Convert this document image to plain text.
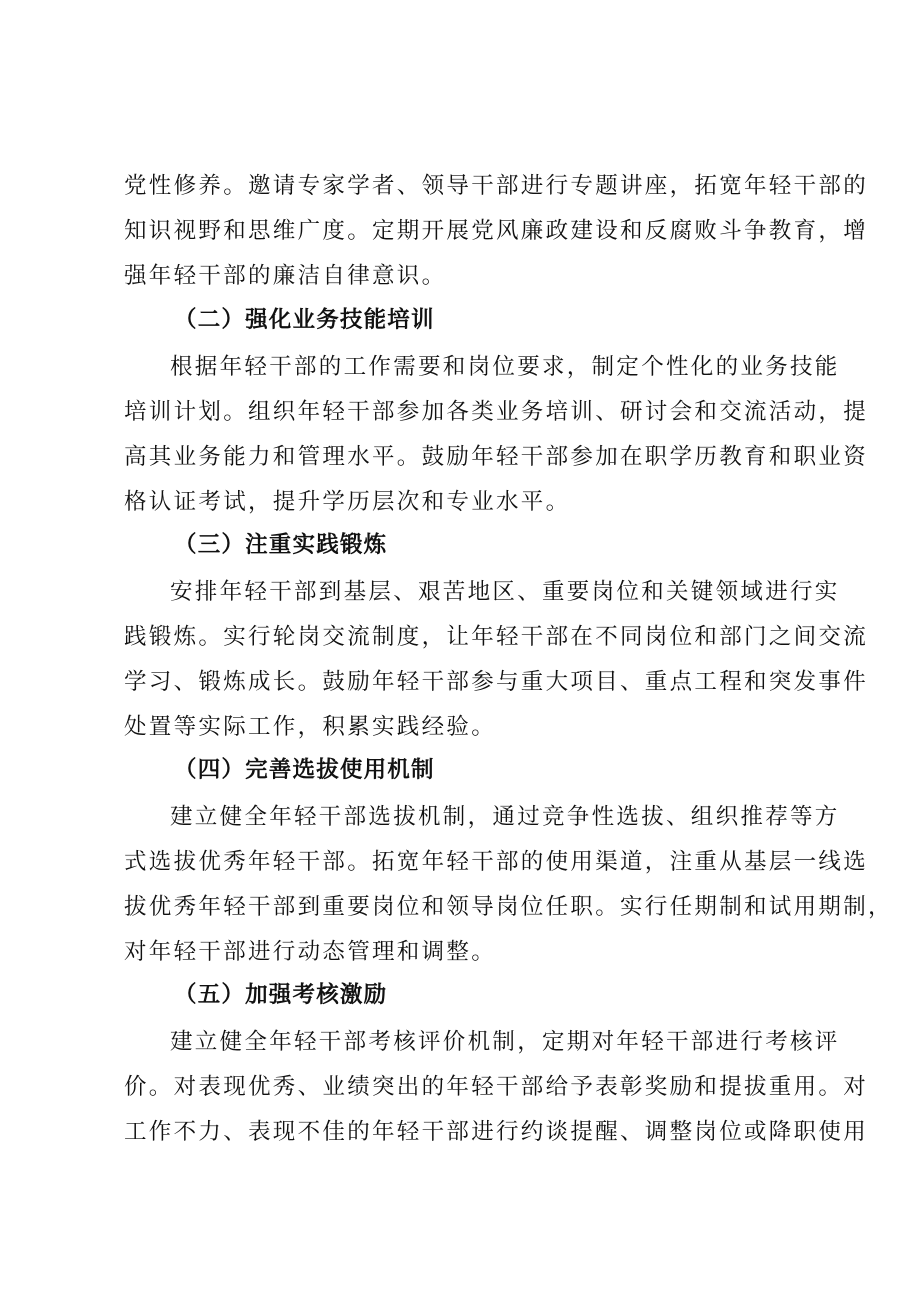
党性修养。邀请专家学者、领导干部进行专题讲座，拓宽年轻干部的
知识视野和思维广度。定期开展党风廉政建设和反腐败斗争教育，增
强年轻干部的廉洁自律意识。
（二）强化业务技能培训
根据年轻干部的工作需要和岗位要求，制定个性化的业务技能
培训计划。组织年轻干部参加各类业务培训、研讨会和交流活动，提
高其业务能力和管理水平。鼓励年轻干部参加在职学历教育和职业资
格认证考试，提升学历层次和专业水平。
（三）注重实践锻炼
安排年轻干部到基层、艰苦地区、重要岗位和关键领域进行实
践锻炼。实行轮岗交流制度，让年轻干部在不同岗位和部门之间交流
学习、锻炼成长。鼓励年轻干部参与重大项目、重点工程和突发事件
处置等实际工作，积累实践经验。
（四）完善选拔使用机制
建立健全年轻干部选拔机制，通过竞争性选拔、组织推荐等方
式选拔优秀年轻干部。拓宽年轻干部的使用渠道，注重从基层一线选
拔优秀年轻干部到重要岗位和领导岗位任职。实行任期制和试用期制，
对年轻干部进行动态管理和调整。
（五）加强考核激励
建立健全年轻干部考核评价机制，定期对年轻干部进行考核评
价。对表现优秀、业绩突出的年轻干部给予表彰奖励和提拔重用。对
工作不力、表现不佳的年轻干部进行约谈提醒、调整岗位或降职使用
